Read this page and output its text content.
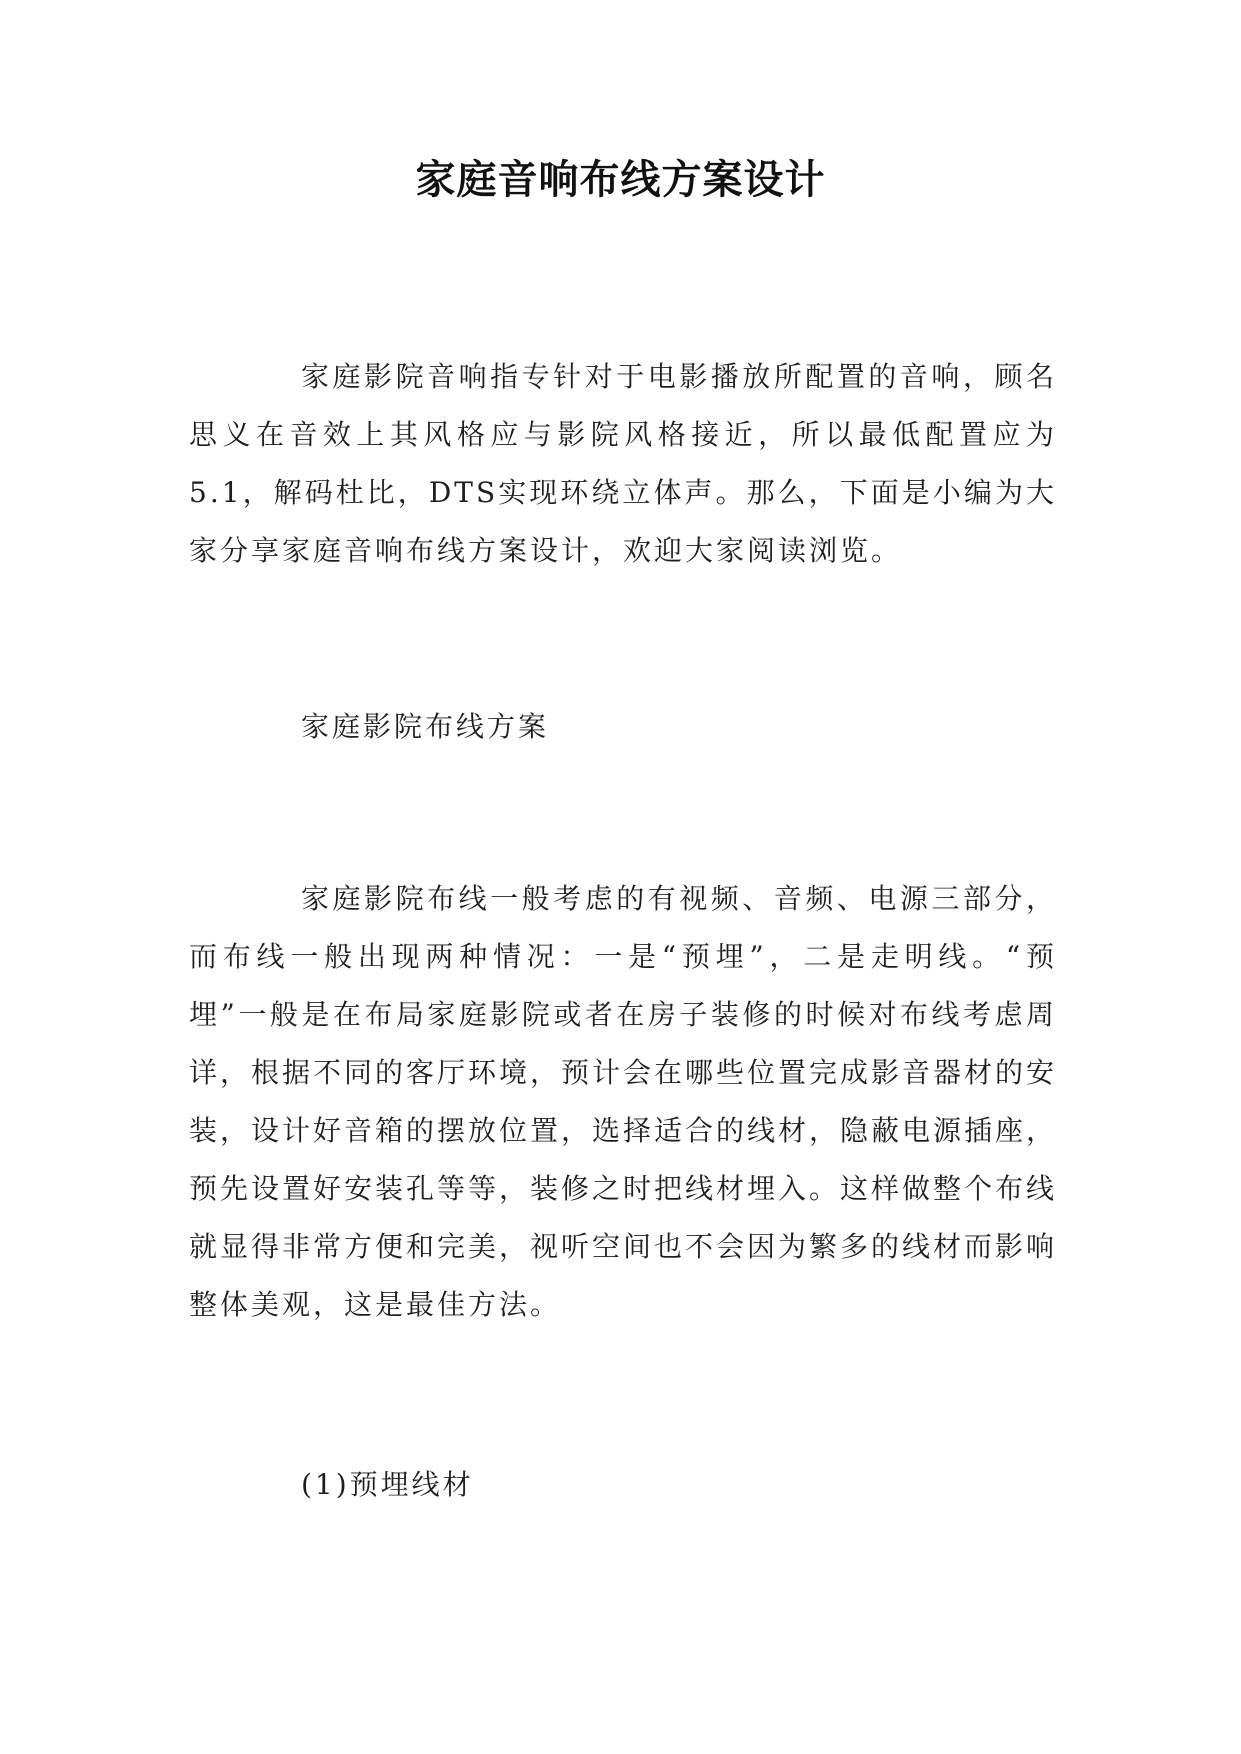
家庭音响布线方案设计

家庭影院音响指专针对于电影播放所配置的音响，顾名思义在音效上其风格应与影院风格接近，所以最低配置应为5.1，解码杜比，DTS实现环绕立体声。那么，下面是小编为大家分享家庭音响布线方案设计，欢迎大家阅读浏览。

家庭影院布线方案

家庭影院布线一般考虑的有视频、音频、电源三部分，而布线一般出现两种情况：一是“预埋”，二是走明线。“预埋”一般是在布局家庭影院或者在房子装修的时候对布线考虑周详，根据不同的客厅环境，预计会在哪些位置完成影音器材的安装，设计好音箱的摆放位置，选择适合的线材，隐蔽电源插座，预先设置好安装孔等等，装修之时把线材埋入。这样做整个布线就显得非常方便和完美，视听空间也不会因为繁多的线材而影响整体美观，这是最佳方法。

(1)预埋线材
